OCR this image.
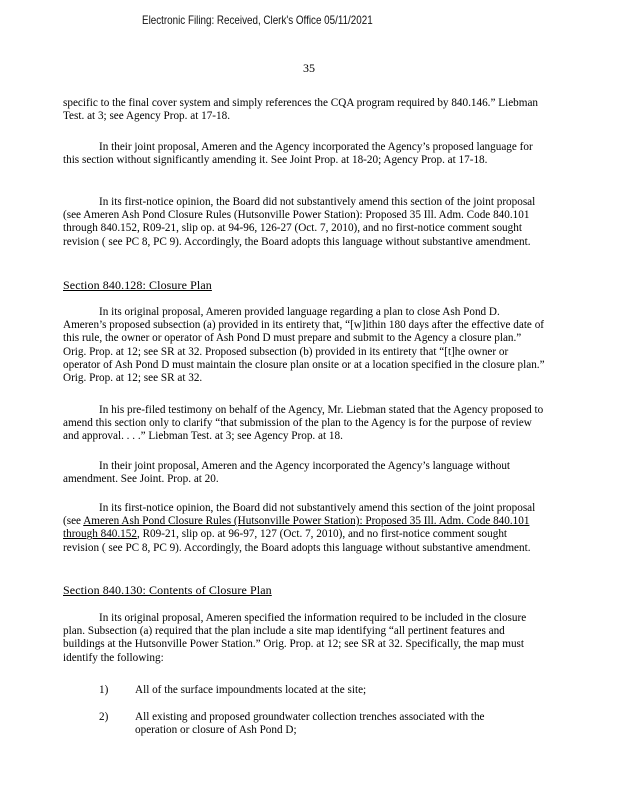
Electronic Filing: Received, Clerk's Office 05/11/2021
35

specific to the final cover system and simply references the CQA program required by 840.146.” Liebman Test. at 3; see Agency Prop. at 17-18.

In their joint proposal, Ameren and the Agency incorporated the Agency’s proposed language for this section without significantly amending it. See Joint Prop. at 18-20; Agency Prop. at 17-18.

In its first-notice opinion, the Board did not substantively amend this section of the joint proposal (see Ameren Ash Pond Closure Rules (Hutsonville Power Station): Proposed 35 Ill. Adm. Code 840.101 through 840.152, R09-21, slip op. at 94-96, 126-27 (Oct. 7, 2010), and no first-notice comment sought revision ( see PC 8, PC 9). Accordingly, the Board adopts this language without substantive amendment.

Section 840.128: Closure Plan

In its original proposal, Ameren provided language regarding a plan to close Ash Pond D. Ameren’s proposed subsection (a) provided in its entirety that, “[w]ithin 180 days after the effective date of this rule, the owner or operator of Ash Pond D must prepare and submit to the Agency a closure plan.” Orig. Prop. at 12; see SR at 32. Proposed subsection (b) provided in its entirety that “[t]he owner or operator of Ash Pond D must maintain the closure plan onsite or at a location specified in the closure plan.” Orig. Prop. at 12; see SR at 32.

In his pre-filed testimony on behalf of the Agency, Mr. Liebman stated that the Agency proposed to amend this section only to clarify “that submission of the plan to the Agency is for the purpose of review and approval. . . .” Liebman Test. at 3; see Agency Prop. at 18.

In their joint proposal, Ameren and the Agency incorporated the Agency’s language without amendment. See Joint. Prop. at 20.

In its first-notice opinion, the Board did not substantively amend this section of the joint proposal (see Ameren Ash Pond Closure Rules (Hutsonville Power Station): Proposed 35 Ill. Adm. Code 840.101 through 840.152, R09-21, slip op. at 96-97, 127 (Oct. 7, 2010), and no first-notice comment sought revision ( see PC 8, PC 9). Accordingly, the Board adopts this language without substantive amendment.

Section 840.130: Contents of Closure Plan

In its original proposal, Ameren specified the information required to be included in the closure plan. Subsection (a) required that the plan include a site map identifying “all pertinent features and buildings at the Hutsonville Power Station.” Orig. Prop. at 12; see SR at 32. Specifically, the map must identify the following:

1) All of the surface impoundments located at the site;
2) All existing and proposed groundwater collection trenches associated with the operation or closure of Ash Pond D;
